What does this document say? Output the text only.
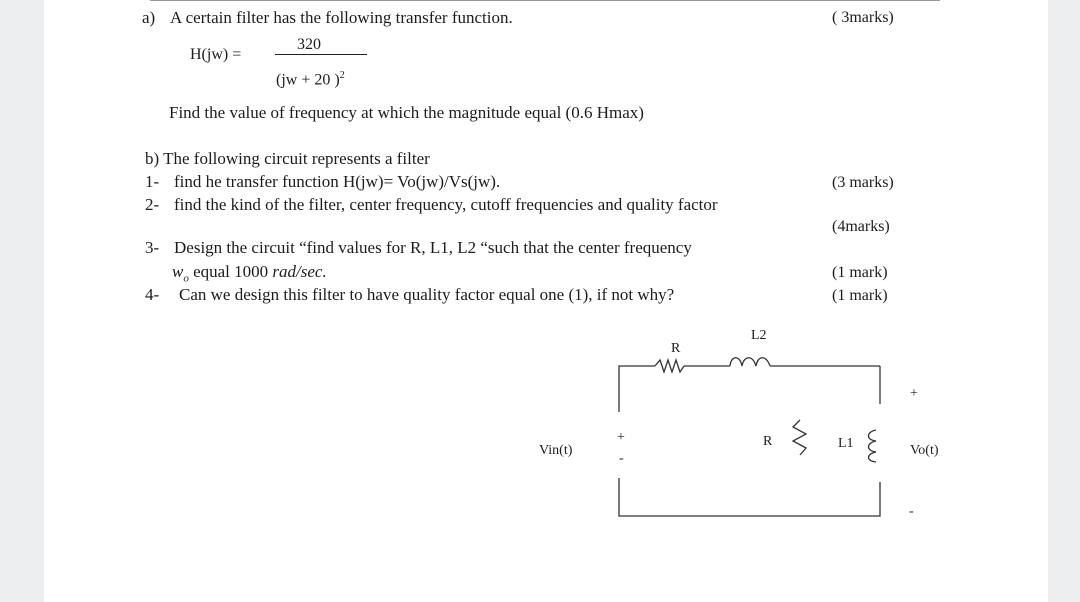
a) A certain filter has the following transfer function.	( 3marks)
H(jw) =
320
(jw + 20 )$^2$
Find the value of frequency at which the magnitude equal (0.6 Hmax)
b) The following circuit represents a filter
1- find he transfer function H(jw)= Vo(jw)/Vs(jw).	(3 marks)
2- find the kind of the filter, center frequency, cutoff frequencies and quality factor
(4marks)
3- Design the circuit “find values for R, L1, L2 “such that the center frequency
$w_o$ equal 1000 rad/sec.	(1 mark)
4- Can we design this filter to have quality factor equal one (1), if not why?	(1 mark)
Vin(t)
+
-
R
L2
R	L1
+
Vo(t)
-
